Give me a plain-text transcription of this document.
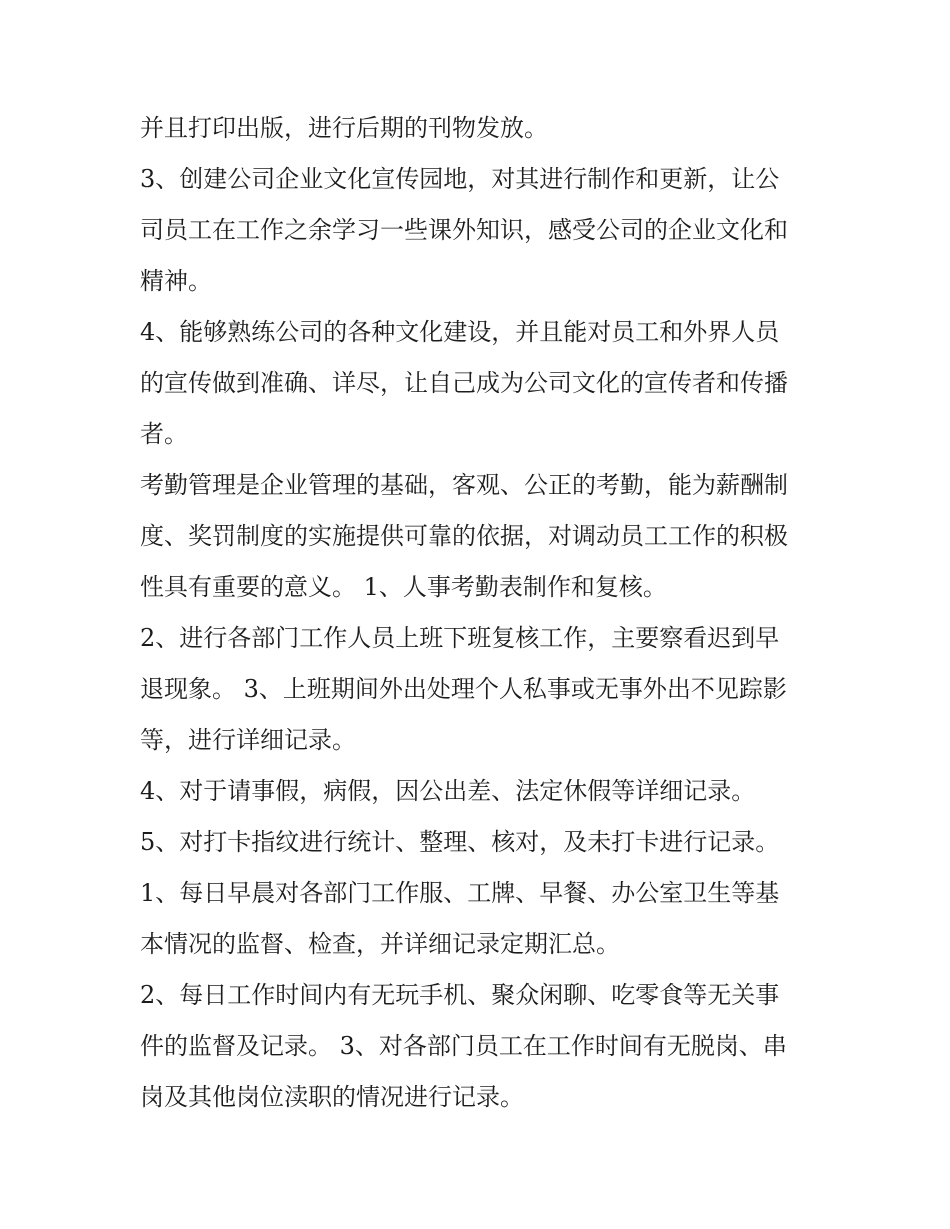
并且打印出版，进行后期的刊物发放。
3、创建公司企业文化宣传园地，对其进行制作和更新，让公
司员工在工作之余学习一些课外知识，感受公司的企业文化和
精神。
4、能够熟练公司的各种文化建设，并且能对员工和外界人员
的宣传做到准确、详尽，让自己成为公司文化的宣传者和传播
者。
考勤管理是企业管理的基础，客观、公正的考勤，能为薪酬制
度、奖罚制度的实施提供可靠的依据，对调动员工工作的积极
性具有重要的意义。 1、人事考勤表制作和复核。
2、进行各部门工作人员上班下班复核工作，主要察看迟到早
退现象。 3、上班期间外出处理个人私事或无事外出不见踪影
等，进行详细记录。
4、对于请事假，病假，因公出差、法定休假等详细记录。
5、对打卡指纹进行统计、整理、核对，及未打卡进行记录。
1、每日早晨对各部门工作服、工牌、早餐、办公室卫生等基
本情况的监督、检查，并详细记录定期汇总。
2、每日工作时间内有无玩手机、聚众闲聊、吃零食等无关事
件的监督及记录。 3、对各部门员工在工作时间有无脱岗、串
岗及其他岗位渎职的情况进行记录。
